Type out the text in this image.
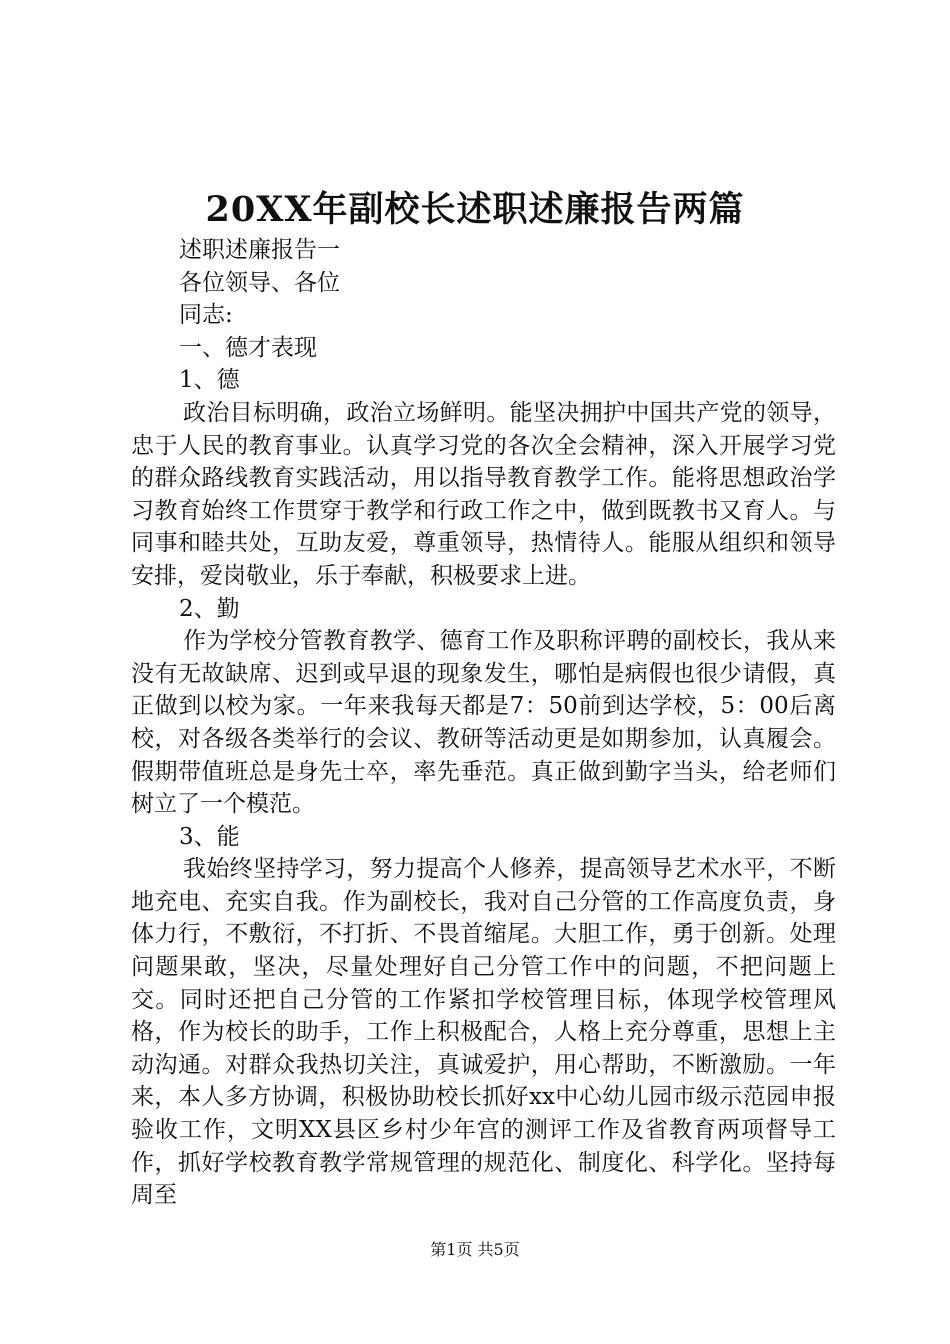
20XX年副校长述职述廉报告两篇

述职述廉报告一

各位领导、各位

同志:

一、德才表现

1、德

政治目标明确，政治立场鲜明。能坚决拥护中国共产党的领导，忠于人民的教育事业。认真学习党的各次全会精神，深入开展学习党的群众路线教育实践活动，用以指导教育教学工作。能将思想政治学习教育始终工作贯穿于教学和行政工作之中，做到既教书又育人。与同事和睦共处，互助友爱，尊重领导，热情待人。能服从组织和领导安排，爱岗敬业，乐于奉献，积极要求上进。

2、勤

作为学校分管教育教学、德育工作及职称评聘的副校长，我从来没有无故缺席、迟到或早退的现象发生，哪怕是病假也很少请假，真正做到以校为家。一年来我每天都是7：50前到达学校，5：00后离校，对各级各类举行的会议、教研等活动更是如期参加，认真履会。假期带值班总是身先士卒，率先垂范。真正做到勤字当头，给老师们树立了一个模范。

3、能

我始终坚持学习，努力提高个人修养，提高领导艺术水平，不断地充电、充实自我。作为副校长，我对自己分管的工作高度负责，身体力行，不敷衍，不打折、不畏首缩尾。大胆工作，勇于创新。处理问题果敢，坚决，尽量处理好自己分管工作中的问题，不把问题上交。同时还把自己分管的工作紧扣学校管理目标，体现学校管理风格，作为校长的助手，工作上积极配合，人格上充分尊重，思想上主动沟通。对群众我热切关注，真诚爱护，用心帮助，不断激励。一年来，本人多方协调，积极协助校长抓好xx中心幼儿园市级示范园申报验收工作，文明XX县区乡村少年宫的测评工作及省教育两项督导工作，抓好学校教育教学常规管理的规范化、制度化、科学化。坚持每周至

第1页 共5页
